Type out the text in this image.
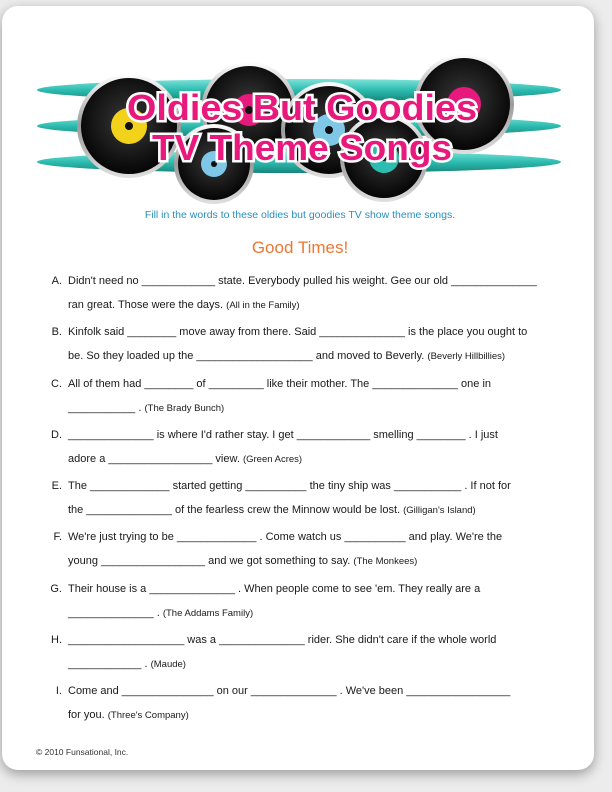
Oldies But Goodies
TV Theme Songs
Fill in the words to these oldies but goodies TV show theme songs.
Good Times!
A. Didn't need no ____________ state. Everybody pulled his weight. Gee our old ______________
ran great. Those were the days. (All in the Family)
B. Kinfolk said ________ move away from there. Said ______________ is the place you ought to
be. So they loaded up the ___________________ and moved to Beverly. (Beverly Hillbillies)
C. All of them had ________ of _________ like their mother. The ______________ one in
___________ . (The Brady Bunch)
D. ______________ is where I'd rather stay. I get ____________ smelling ________ . I just
adore a _________________ view. (Green Acres)
E. The _____________ started getting __________ the tiny ship was ___________ . If not for
the ______________ of the fearless crew the Minnow would be lost. (Gilligan's Island)
F. We're just trying to be _____________ . Come watch us __________ and play. We're the
young _________________ and we got something to say. (The Monkees)
G. Their house is a ______________ . When people come to see 'em. They really are a
______________ . (The Addams Family)
H. ___________________ was a ______________ rider. She didn't care if the whole world
____________ . (Maude)
I. Come and _______________ on our ______________ . We've been _________________
for you. (Three's Company)
© 2010 Funsational, Inc.
